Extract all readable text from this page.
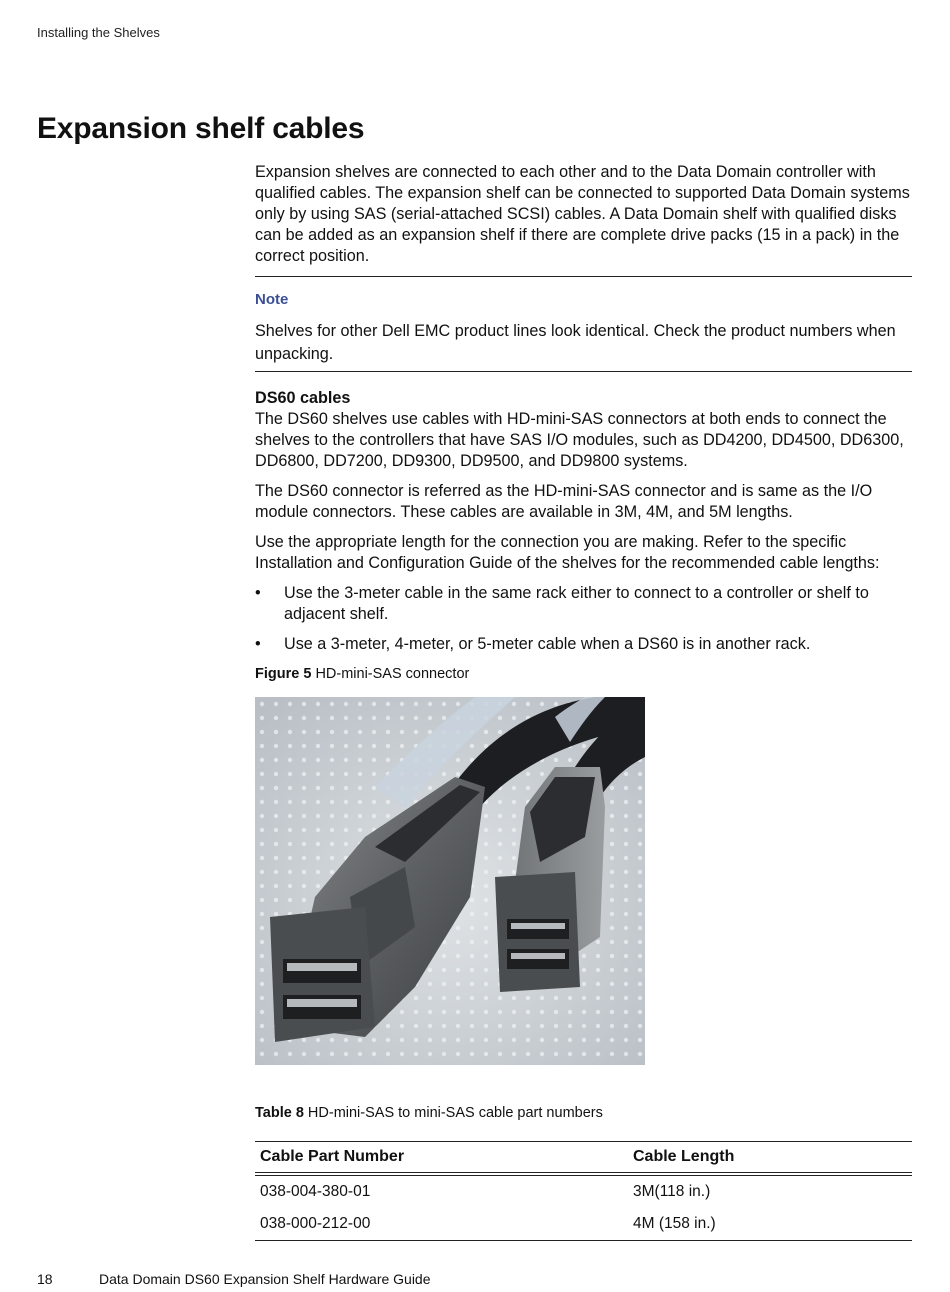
Installing the Shelves
Expansion shelf cables

Expansion shelves are connected to each other and to the Data Domain controller with qualified cables. The expansion shelf can be connected to supported Data Domain systems only by using SAS (serial-attached SCSI) cables. A Data Domain shelf with qualified disks can be added as an expansion shelf if there are complete drive packs (15 in a pack) in the correct position.

Note

Shelves for other Dell EMC product lines look identical. Check the product numbers when unpacking.

DS60 cables

The DS60 shelves use cables with HD-mini-SAS connectors at both ends to connect the shelves to the controllers that have SAS I/O modules, such as DD4200, DD4500, DD6300, DD6800, DD7200, DD9300, DD9500, and DD9800 systems.

The DS60 connector is referred as the HD-mini-SAS connector and is same as the I/O module connectors. These cables are available in 3M, 4M, and 5M lengths.

Use the appropriate length for the connection you are making. Refer to the specific Installation and Configuration Guide of the shelves for the recommended cable lengths:

• Use the 3-meter cable in the same rack either to connect to a controller or shelf to adjacent shelf.
• Use a 3-meter, 4-meter, or 5-meter cable when a DS60 is in another rack.
Figure 5 HD-mini-SAS connector
Table 8 HD-mini-SAS to mini-SAS cable part numbers
Cable Part Number	Cable Length
038-004-380-01	3M(118 in.)
038-000-212-00	4M (158 in.)
18	Data Domain DS60 Expansion Shelf Hardware Guide
